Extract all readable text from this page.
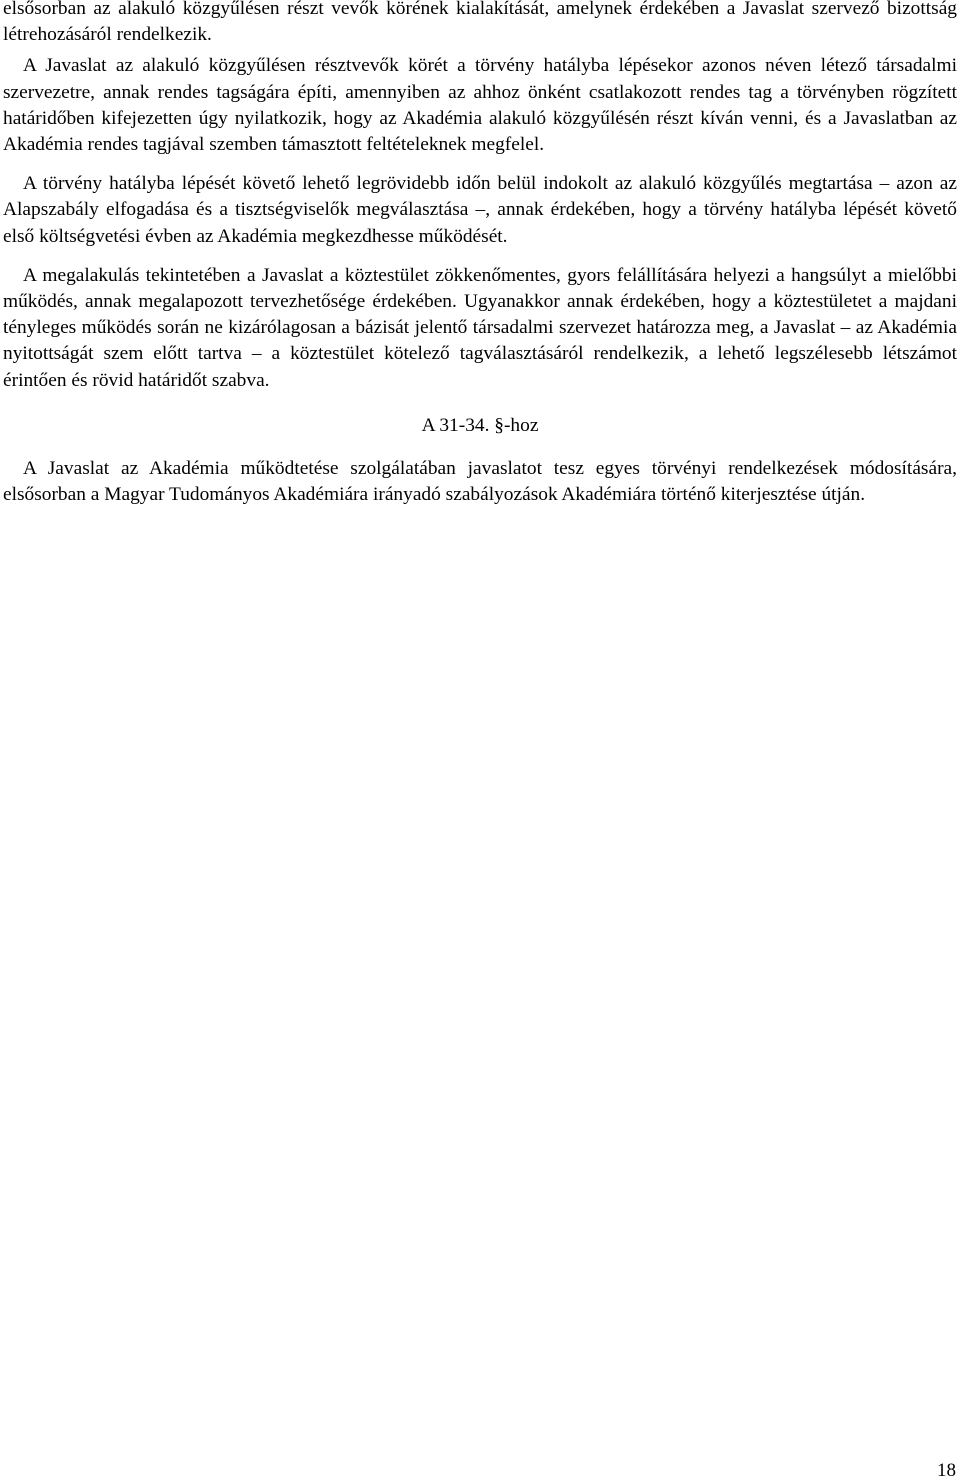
elsősorban az alakuló közgyűlésen részt vevők körének kialakítását, amelynek érdekében a Javaslat szervező bizottság létrehozásáról rendelkezik.

A Javaslat az alakuló közgyűlésen résztvevők körét a törvény hatályba lépésekor azonos néven létező társadalmi szervezetre, annak rendes tagságára építi, amennyiben az ahhoz önként csatlakozott rendes tag a törvényben rögzített határidőben kifejezetten úgy nyilatkozik, hogy az Akadémia alakuló közgyűlésén részt kíván venni, és a Javaslatban az Akadémia rendes tagjával szemben támasztott feltételeknek megfelel.

A törvény hatályba lépését követő lehető legrövidebb időn belül indokolt az alakuló közgyűlés megtartása – azon az Alapszabály elfogadása és a tisztségviselők megválasztása –, annak érdekében, hogy a törvény hatályba lépését követő első költségvetési évben az Akadémia megkezdhesse működését.

A megalakulás tekintetében a Javaslat a köztestület zökkenőmentes, gyors felállítására helyezi a hangsúlyt a mielőbbi működés, annak megalapozott tervezhetősége érdekében. Ugyanakkor annak érdekében, hogy a köztestületet a majdani tényleges működés során ne kizárólagosan a bázisát jelentő társadalmi szervezet határozza meg, a Javaslat – az Akadémia nyitottságát szem előtt tartva – a köztestület kötelező tagválasztásáról rendelkezik, a lehető legszélesebb létszámot érintően és rövid határidőt szabva.

A 31-34. §-hoz

A Javaslat az Akadémia működtetése szolgálatában javaslatot tesz egyes törvényi rendelkezések módosítására, elsősorban a Magyar Tudományos Akadémiára irányadó szabályozások Akadémiára történő kiterjesztése útján.

18
